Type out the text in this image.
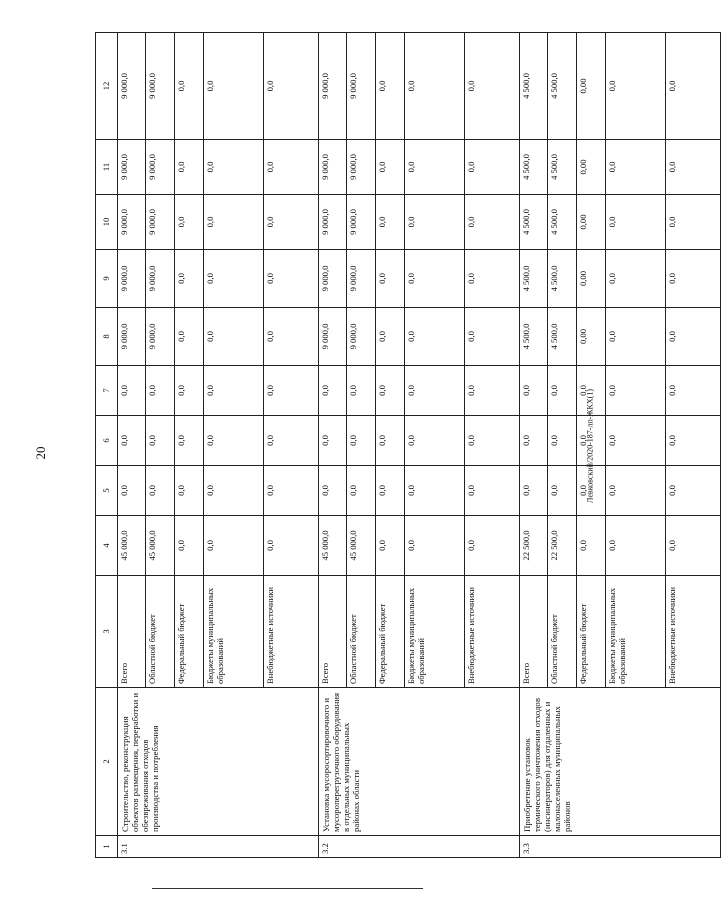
20	Левковский/2020-187-лп-ЖКХ(1)
1	2	3	4	5	6	7	8	9	10	11	12
3.1	Строительство, реконструкция объектов размещения, переработки и обезвреживания отходов производства и потребления	Всего	45 000,0	0,0	0,0	0,0	9 000,0	9 000,0	9 000,0	9 000,0	9 000,0
		Областной бюджет	45 000,0	0,0	0,0	0,0	9 000,0	9 000,0	9 000,0	9 000,0	9 000,0
		Федеральный бюджет	0,0	0,0	0,0	0,0	0,0	0,0	0,0	0,0	0,0
		Бюджеты муниципальных образований	0,0	0,0	0,0	0,0	0,0	0,0	0,0	0,0	0,0
		Внебюджетные источники	0,0	0,0	0,0	0,0	0,0	0,0	0,0	0,0	0,0
3.2	Установка мусоросортировочного и мусороперегрузочного оборудования в отдельных муниципальных районах области	Всего	45 000,0	0,0	0,0	0,0	9 000,0	9 000,0	9 000,0	9 000,0	9 000,0
		Областной бюджет	45 000,0	0,0	0,0	0,0	9 000,0	9 000,0	9 000,0	9 000,0	9 000,0
		Федеральный бюджет	0,0	0,0	0,0	0,0	0,0	0,0	0,0	0,0	0,0
		Бюджеты муниципальных образований	0,0	0,0	0,0	0,0	0,0	0,0	0,0	0,0	0,0
		Внебюджетные источники	0,0	0,0	0,0	0,0	0,0	0,0	0,0	0,0	0,0
3.3	Приобретение установок термического уничтожения отходов (инсинераторов) для отдаленных и малонаселенных муниципальных районов	Всего	22 500,0	0,0	0,0	0,0	4 500,0	4 500,0	4 500,0	4 500,0	4 500,0
		Областной бюджет	22 500,0	0,0	0,0	0,0	4 500,0	4 500,0	4 500,0	4 500,0	4 500,0
		Федеральный бюджет	0,0	0,0	0,0	0,0	0,00	0,00	0,00	0,00	0,00
		Бюджеты муниципальных образований	0,0	0,0	0,0	0,0	0,0	0,0	0,0	0,0	0,0
		Внебюджетные источники	0,0	0,0	0,0	0,0	0,0	0,0	0,0	0,0	0,0
